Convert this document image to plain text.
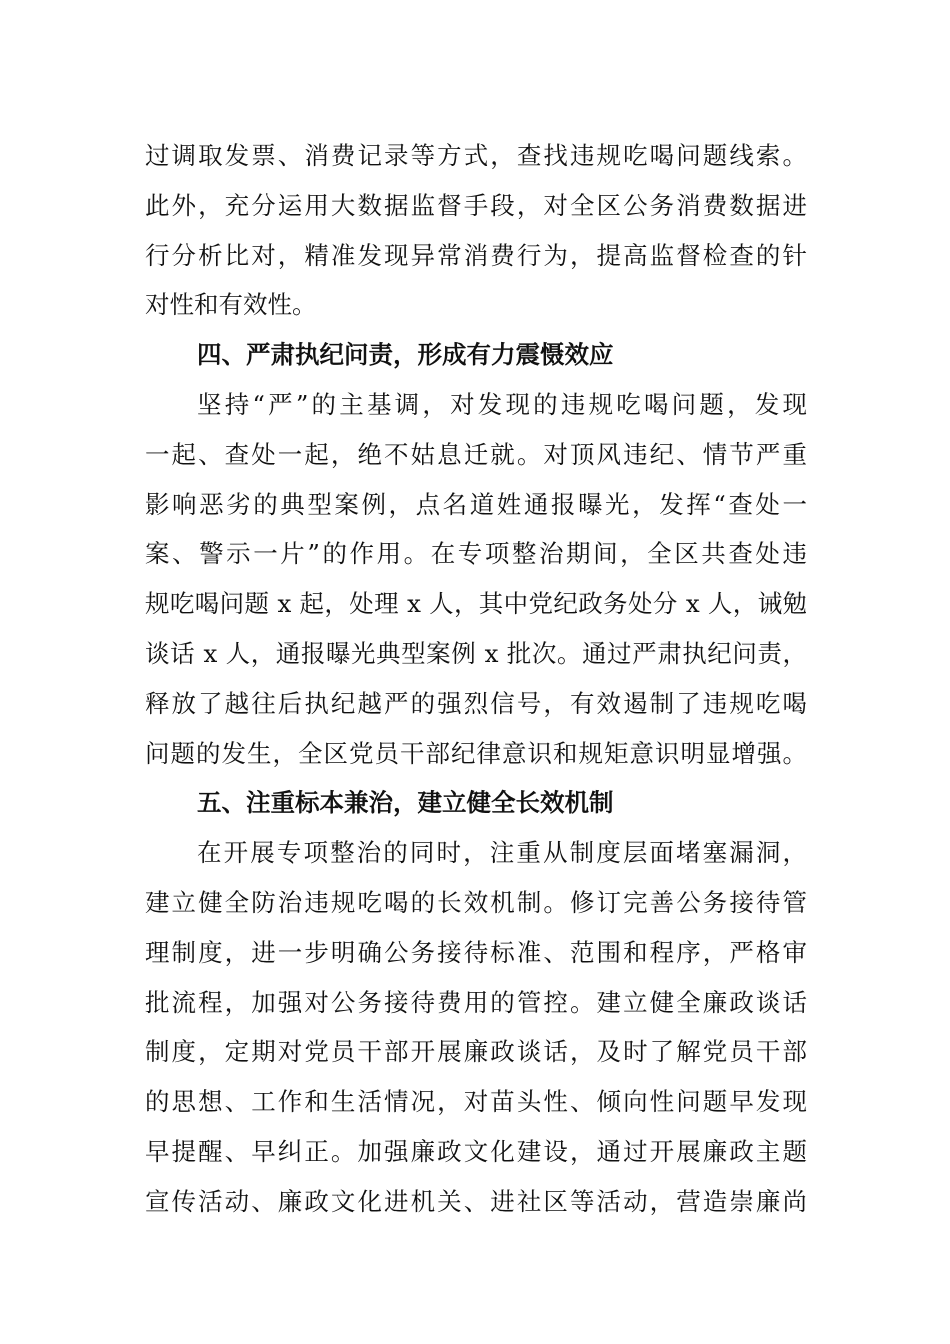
过调取发票、消费记录等方式，查找违规吃喝问题线索。
此外，充分运用大数据监督手段，对全区公务消费数据进
行分析比对，精准发现异常消费行为，提高监督检查的针
对性和有效性。
四、严肃执纪问责，形成有力震慑效应
坚持“严”的主基调，对发现的违规吃喝问题，发现
一起、查处一起，绝不姑息迁就。对顶风违纪、情节严重
影响恶劣的典型案例，点名道姓通报曝光，发挥“查处一
案、警示一片”的作用。在专项整治期间，全区共查处违
规吃喝问题 x 起，处理 x 人，其中党纪政务处分 x 人，诫勉
谈话 x 人，通报曝光典型案例 x 批次。通过严肃执纪问责，
释放了越往后执纪越严的强烈信号，有效遏制了违规吃喝
问题的发生，全区党员干部纪律意识和规矩意识明显增强。
五、注重标本兼治，建立健全长效机制
在开展专项整治的同时，注重从制度层面堵塞漏洞，
建立健全防治违规吃喝的长效机制。修订完善公务接待管
理制度，进一步明确公务接待标准、范围和程序，严格审
批流程，加强对公务接待费用的管控。建立健全廉政谈话
制度，定期对党员干部开展廉政谈话，及时了解党员干部
的思想、工作和生活情况，对苗头性、倾向性问题早发现
早提醒、早纠正。加强廉政文化建设，通过开展廉政主题
宣传活动、廉政文化进机关、进社区等活动，营造崇廉尚
